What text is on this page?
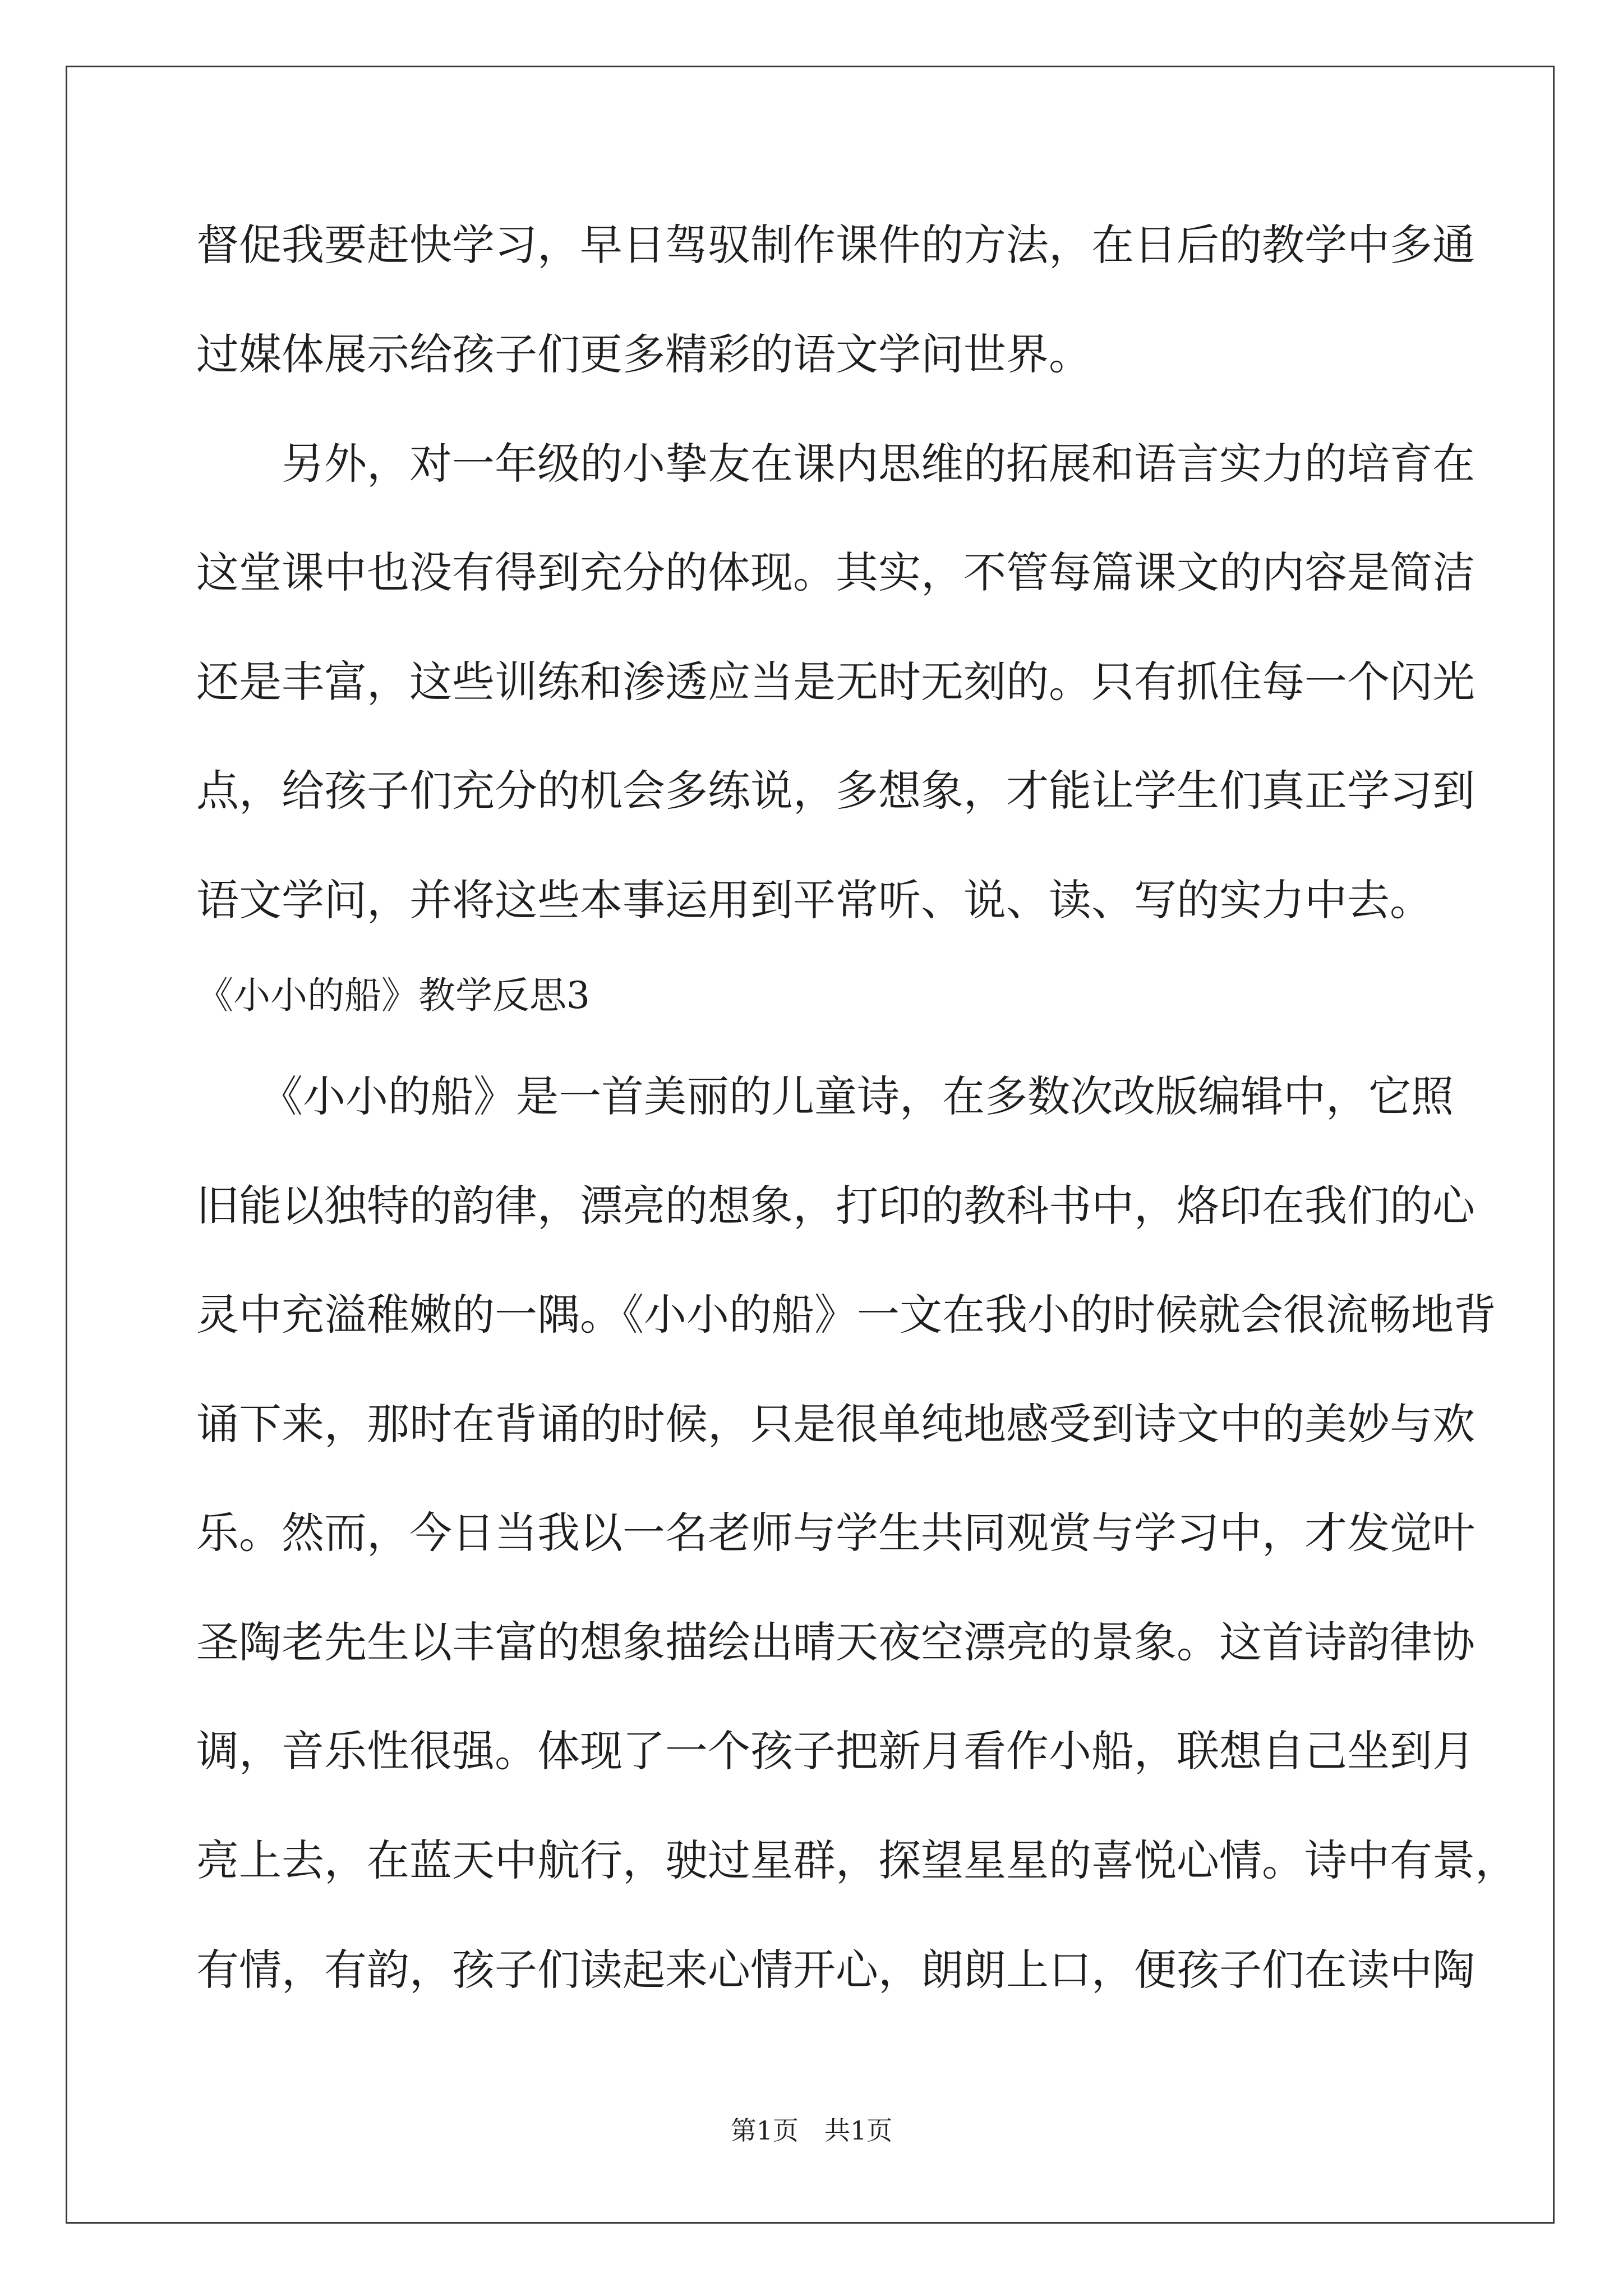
督促我要赶快学习，早日驾驭制作课件的方法，在日后的教学中多通
过媒体展示给孩子们更多精彩的语文学问世界。
　　另外，对一年级的小挚友在课内思维的拓展和语言实力的培育在
这堂课中也没有得到充分的体现。其实，不管每篇课文的内容是简洁
还是丰富，这些训练和渗透应当是无时无刻的。只有抓住每一个闪光
点，给孩子们充分的机会多练说，多想象，才能让学生们真正学习到
语文学问，并将这些本事运用到平常听、说、读、写的实力中去。
《小小的船》教学反思3
　　《小小的船》是一首美丽的儿童诗，在多数次改版编辑中，它照
旧能以独特的韵律，漂亮的想象，打印的教科书中，烙印在我们的心
灵中充溢稚嫩的一隅。《小小的船》一文在我小的时候就会很流畅地背
诵下来，那时在背诵的时候，只是很单纯地感受到诗文中的美妙与欢
乐。然而，今日当我以一名老师与学生共同观赏与学习中，才发觉叶
圣陶老先生以丰富的想象描绘出晴天夜空漂亮的景象。这首诗韵律协
调，音乐性很强。体现了一个孩子把新月看作小船，联想自己坐到月
亮上去，在蓝天中航行，驶过星群，探望星星的喜悦心情。诗中有景，
有情，有韵，孩子们读起来心情开心，朗朗上口，便孩子们在读中陶
第1页　共1页
